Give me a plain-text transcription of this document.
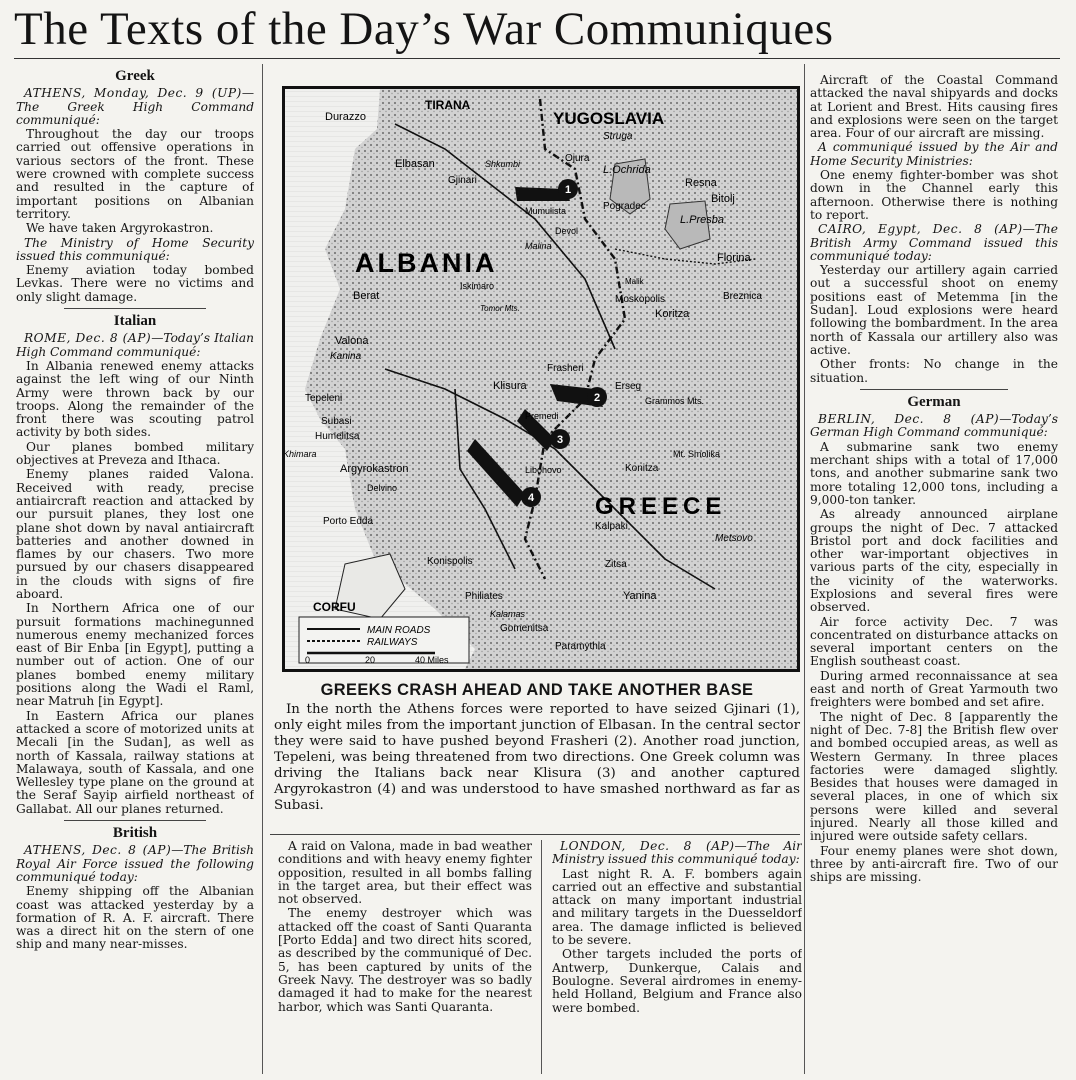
The Texts of the Day’s War Communiques
Greek

ATHENS, Monday, Dec. 9 (UP)—The Greek High Command communiqué:

Throughout the day our troops carried out offensive operations in various sectors of the front. These were crowned with complete success and resulted in the capture of important positions on Albanian territory.

We have taken Argyrokastron.

The Ministry of Home Security issued this communiqué:

Enemy aviation today bombed Levkas. There were no victims and only slight damage.

Italian

ROME, Dec. 8 (AP)—Today’s Italian High Command communiqué:

In Albania renewed enemy attacks against the left wing of our Ninth Army were thrown back by our troops. Along the remainder of the front there was scouting patrol activity by both sides.

Our planes bombed military objectives at Preveza and Ithaca.

Enemy planes raided Valona. Received with ready, precise antiaircraft reaction and attacked by our pursuit planes, they lost one plane shot down by naval antiaircraft batteries and another downed in flames by our chasers. Two more pursued by our chasers disappeared in the clouds with signs of fire aboard.

In Northern Africa one of our pursuit formations machinegunned numerous enemy mechanized forces east of Bir Enba [in Egypt], putting a number out of action. One of our planes bombed enemy military positions along the Wadi el Raml, near Matruh [in Egypt].

In Eastern Africa our planes attacked a score of motorized units at Mecali [in the Sudan], as well as north of Kassala, railway stations at Malawaya, south of Kassala, and one Wellesley type plane on the ground at the Seraf Sayip airfield northeast of Gallabat. All our planes returned.

British

ATHENS, Dec. 8 (AP)—The British Royal Air Force issued the following communiqué today:

Enemy shipping off the Albanian coast was attacked yesterday by a formation of R. A. F. aircraft. There was a direct hit on the stern of one ship and many near-misses.

YUGOSLAVIA
ALBANIA
GREECE
TIRANA
Durazzo
Struga
Ojura
L.Ochrida
Resna
Bitolj
Elbasan	Shkumbi
Gjinari
Mumulista	Pogradec
L.Presba
Devol
Malina
Florina
Berat
Iskimaro
Tomor Mts.
Malik
Moskopolis	Breznica
Koritza
Valona
Kanina
Frasheri
Erseg
Grammos Mts.
Tepeleni
Klisura
Premedi
Subasi
Humelitsa
Konitza
Mt. Smolika
Khimara
Argyrokastron
Delvino
Libohovo
Porto Edda	Kalpaki
Metsovo
Konispolis	Zitsa
Philiates	Yanina
Kalamas
Gomenitsa
Paramythia
CORFU
1
2
3
4
MAIN ROADS
RAILWAYS
0	20	40 Miles
GREEKS CRASH AHEAD AND TAKE ANOTHER BASE

In the north the Athens forces were reported to have seized Gjinari (1), only eight miles from the important junction of Elbasan. In the central sector they were said to have pushed beyond Frasheri (2). Another road junction, Tepeleni, was being threatened from two directions. One Greek column was driving the Italians back near Klisura (3) and another captured Argyrokastron (4) and was understood to have smashed northward as far as Subasi.

A raid on Valona, made in bad weather conditions and with heavy enemy fighter opposition, resulted in all bombs falling in the target area, but their effect was not observed.

The enemy destroyer which was attacked off the coast of Santi Quaranta [Porto Edda] and two direct hits scored, as described by the communiqué of Dec. 5, has been captured by units of the Greek Navy. The destroyer was so badly damaged it had to make for the nearest harbor, which was Santi Quaranta.

LONDON, Dec. 8 (AP)—The Air Ministry issued this communiqué today:

Last night R. A. F. bombers again carried out an effective and substantial attack on many important industrial and military targets in the Duesseldorf area. The damage inflicted is believed to be severe.

Other targets included the ports of Antwerp, Dunkerque, Calais and Boulogne. Several airdromes in enemy-held Holland, Belgium and France also were bombed.

Aircraft of the Coastal Command attacked the naval shipyards and docks at Lorient and Brest. Hits causing fires and explosions were seen on the target area. Four of our aircraft are missing.

A communiqué issued by the Air and Home Security Ministries:

One enemy fighter-bomber was shot down in the Channel early this afternoon. Otherwise there is nothing to report.

CAIRO, Egypt, Dec. 8 (AP)—The British Army Command issued this communiqué today:

Yesterday our artillery again carried out a successful shoot on enemy positions east of Metemma [in the Sudan]. Loud explosions were heard following the bombardment. In the area north of Kassala our artillery also was active.

Other fronts: No change in the situation.

German

BERLIN, Dec. 8 (AP)—Today’s German High Command communiqué:

A submarine sank two enemy merchant ships with a total of 17,000 tons, and another submarine sank two more totaling 12,000 tons, including a 9,000-ton tanker.

As already announced airplane groups the night of Dec. 7 attacked Bristol port and dock facilities and other war-important objectives in various parts of the city, especially in the vicinity of the waterworks. Explosions and several fires were observed.

Air force activity Dec. 7 was concentrated on disturbance attacks on several important centers on the English southeast coast.

During armed reconnaissance at sea east and north of Great Yarmouth two freighters were bombed and set afire.

The night of Dec. 8 [apparently the night of Dec. 7-8] the British flew over and bombed occupied areas, as well as Western Germany. In three places factories were damaged slightly. Besides that houses were damaged in several places, in one of which six persons were killed and several injured. Nearly all those killed and injured were outside safety cellars.

Four enemy planes were shot down, three by anti-aircraft fire. Two of our ships are missing.
